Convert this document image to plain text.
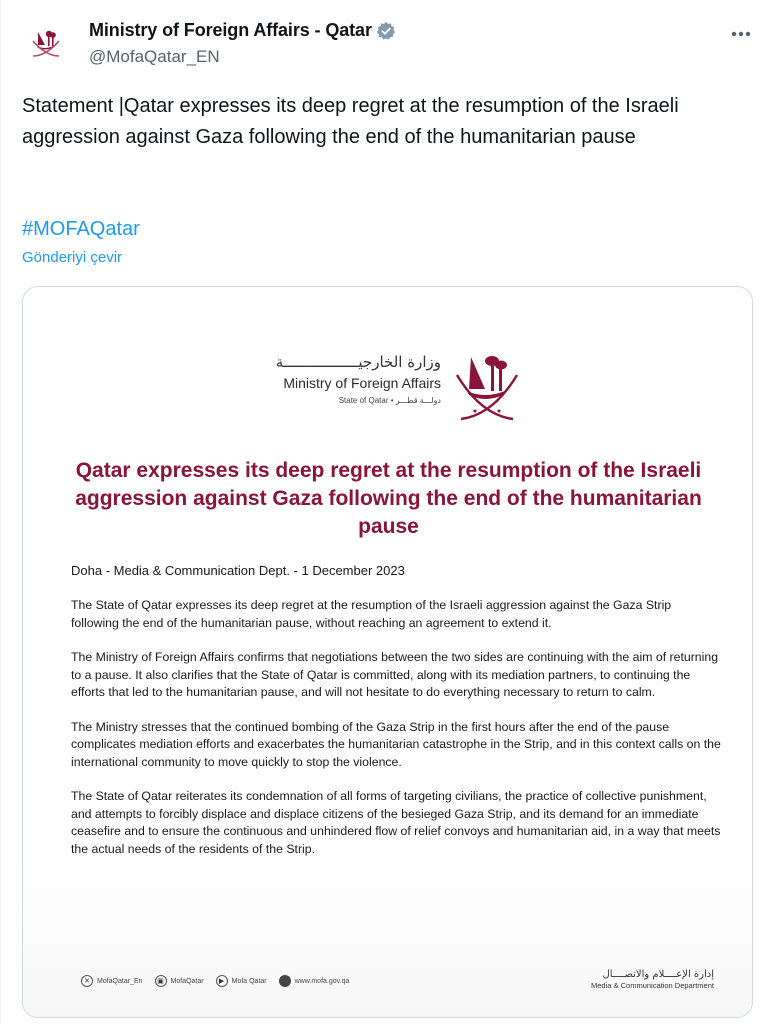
Ministry of Foreign Affairs - Qatar
@MofaQatar_EN
Statement |Qatar expresses its deep regret at the resumption of the Israeli aggression against Gaza following the end of the humanitarian pause
#MOFAQatar
Gönderiyi çevir
وزارة الخارجيـــــــــــــــــة
Ministry of Foreign Affairs
State of Qatar • دولـــة قطـــر
Qatar expresses its deep regret at the resumption of the Israeli aggression against Gaza following the end of the humanitarian pause
Doha - Media & Communication Dept. - 1 December 2023

The State of Qatar expresses its deep regret at the resumption of the Israeli aggression against the Gaza Strip following the end of the humanitarian pause, without reaching an agreement to extend it.

The Ministry of Foreign Affairs confirms that negotiations between the two sides are continuing with the aim of returning to a pause. It also clarifies that the State of Qatar is committed, along with its mediation partners, to continuing the efforts that led to the humanitarian pause, and will not hesitate to do everything necessary to return to calm.

The Ministry stresses that the continued bombing of the Gaza Strip in the first hours after the end of the pause complicates mediation efforts and exacerbates the humanitarian catastrophe in the Strip, and in this context calls on the international community to move quickly to stop the violence.

The State of Qatar reiterates its condemnation of all forms of targeting civilians, the practice of collective punishment, and attempts to forcibly displace and displace citizens of the besieged Gaza Strip, and its demand for an immediate ceasefire and to ensure the continuous and unhindered flow of relief convoys and humanitarian aid, in a way that meets the actual needs of the residents of the Strip.

✕	MofaQatar_En	▣ MofaQatar	▶	Mofa Qatar	www.mofa.gov.qa
إدارة الإعــــلام والاتصــــال
Media & Communication Department
